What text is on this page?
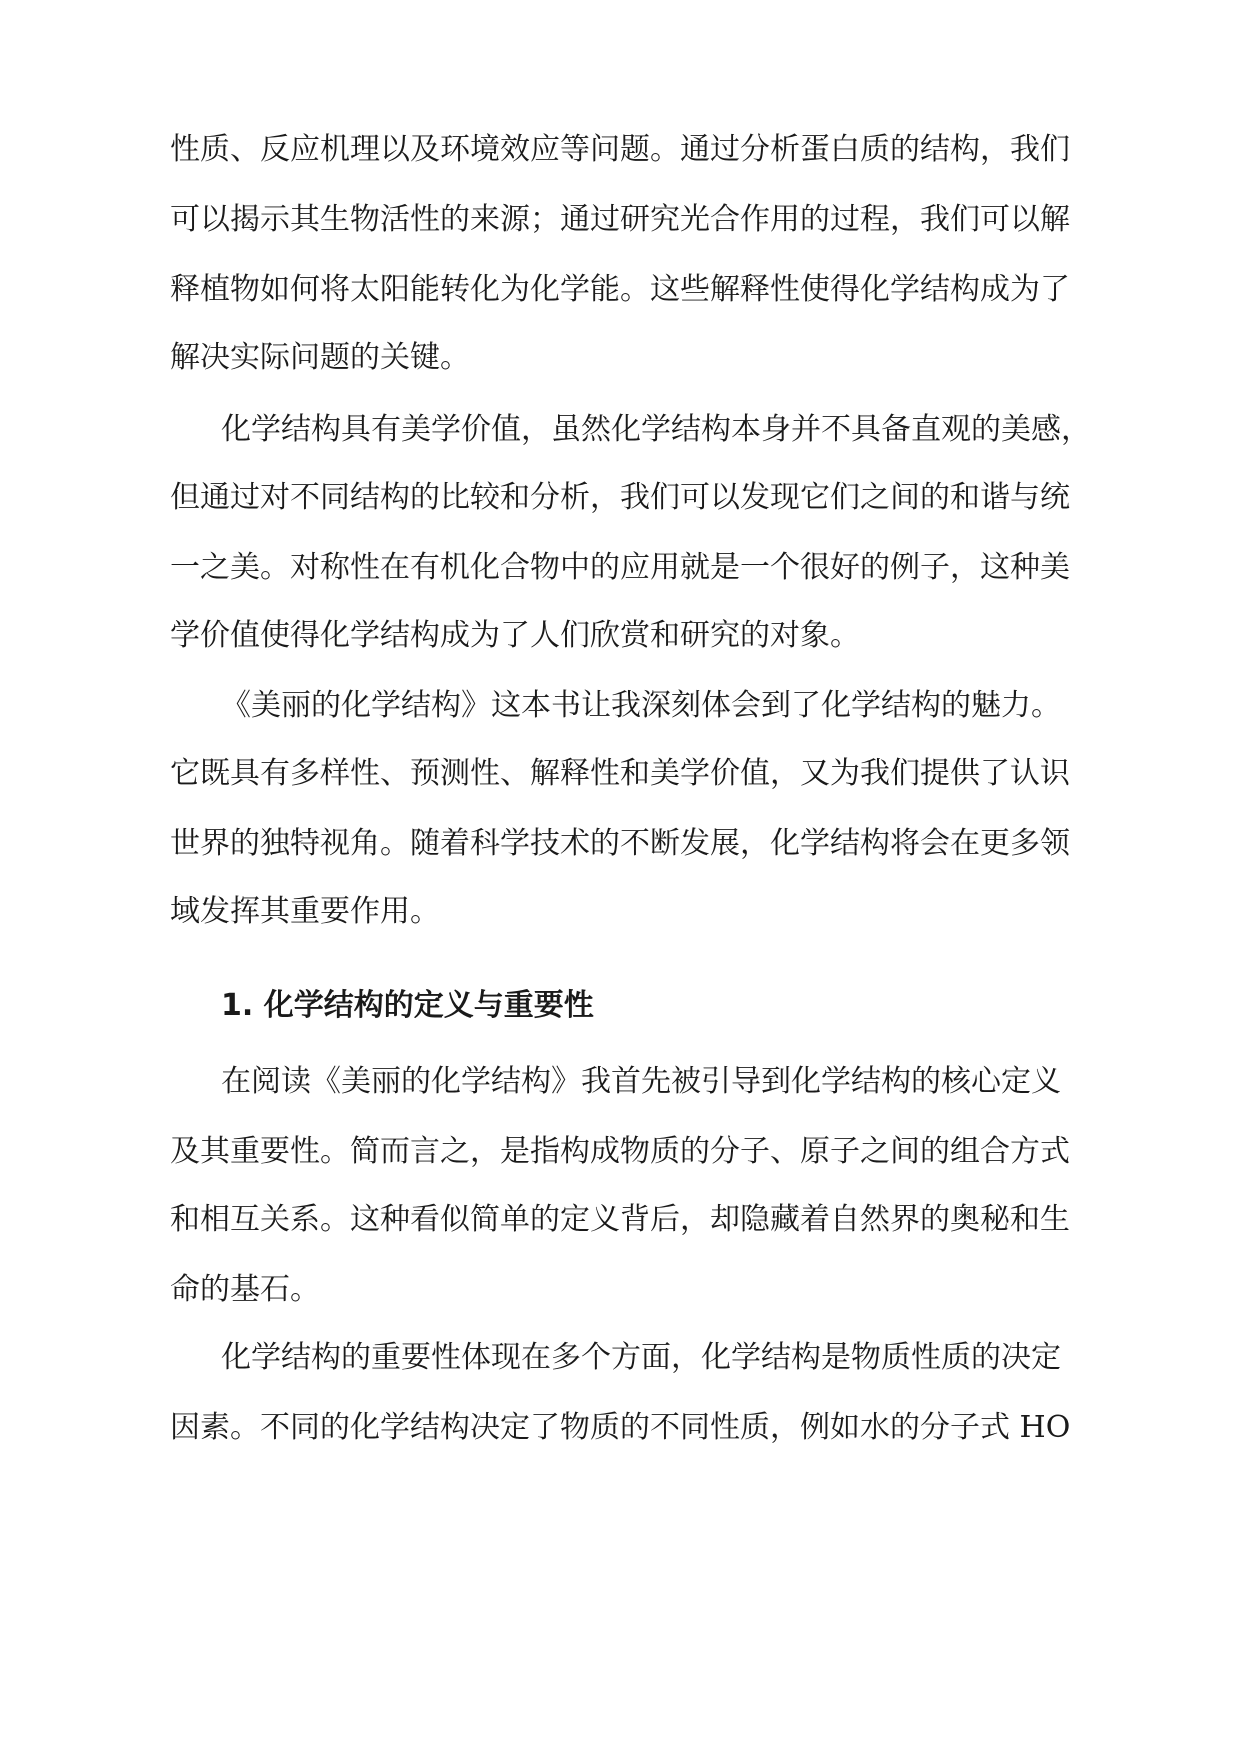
性质、反应机理以及环境效应等问题。通过分析蛋白质的结构，我们
可以揭示其生物活性的来源；通过研究光合作用的过程，我们可以解
释植物如何将太阳能转化为化学能。这些解释性使得化学结构成为了
解决实际问题的关键。
化学结构具有美学价值，虽然化学结构本身并不具备直观的美感，
但通过对不同结构的比较和分析，我们可以发现它们之间的和谐与统
一之美。对称性在有机化合物中的应用就是一个很好的例子，这种美
学价值使得化学结构成为了人们欣赏和研究的对象。
《美丽的化学结构》这本书让我深刻体会到了化学结构的魅力。
它既具有多样性、预测性、解释性和美学价值，又为我们提供了认识
世界的独特视角。随着科学技术的不断发展，化学结构将会在更多领
域发挥其重要作用。
1. 化学结构的定义与重要性
在阅读《美丽的化学结构》我首先被引导到化学结构的核心定义
及其重要性。简而言之，是指构成物质的分子、原子之间的组合方式
和相互关系。这种看似简单的定义背后，却隐藏着自然界的奥秘和生
命的基石。
化学结构的重要性体现在多个方面，化学结构是物质性质的决定
因素。不同的化学结构决定了物质的不同性质，例如水的分子式 HO
